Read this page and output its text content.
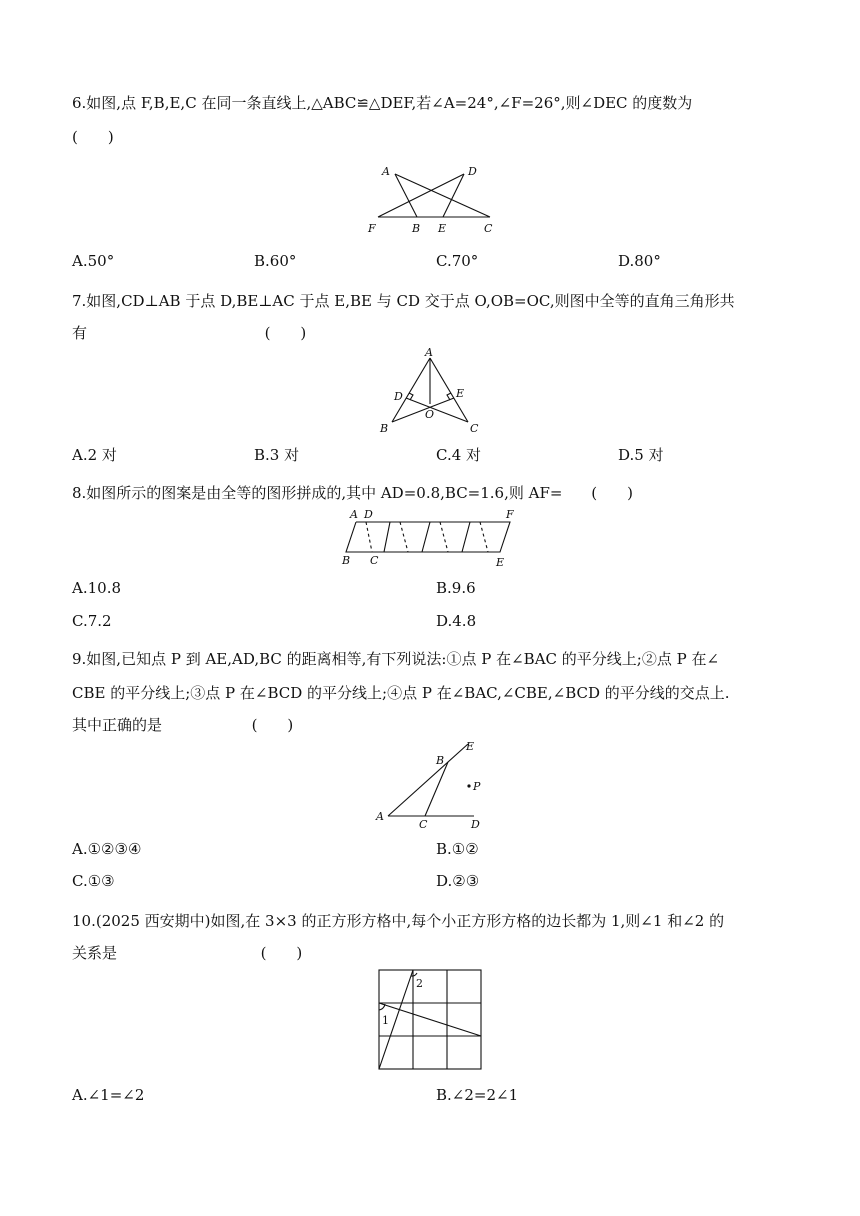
6.如图,点 F,B,E,C 在同一条直线上,△ABC≌△DEF,若∠A=24°,∠F=26°,则∠DEC 的度数为
(　　)
A	D
F	B E	C
A.50°	B.60°	C.70°	D.80°
7.如图,CD⊥AB 于点 D,BE⊥AC 于点 E,BE 与 CD 交于点 O,OB=OC,则图中全等的直角三角形共
有	(　　)
A
D	E
O
B	C
A.2 对	B.3 对	C.4 对	D.5 对
8.如图所示的图案是由全等的图形拼成的,其中 AD=0.8,BC=1.6,则 AF= (　　)
A D	F
B C	E
A.10.8	B.9.6
C.7.2	D.4.8
9.如图,已知点 P 到 AE,AD,BC 的距离相等,有下列说法:①点 P 在∠BAC 的平分线上;②点 P 在∠
CBE 的平分线上;③点 P 在∠BCD 的平分线上;④点 P 在∠BAC,∠CBE,∠BCD 的平分线的交点上.
其中正确的是	(　　)
E
B
P
A
C	D
A.①②③④	B.①②
C.①③	D.②③
10.(2025 西安期中)如图,在 3×3 的正方形方格中,每个小正方形方格的边长都为 1,则∠1 和∠2 的
关系是	(　　)
1
2
A.∠1=∠2	B.∠2=2∠1
